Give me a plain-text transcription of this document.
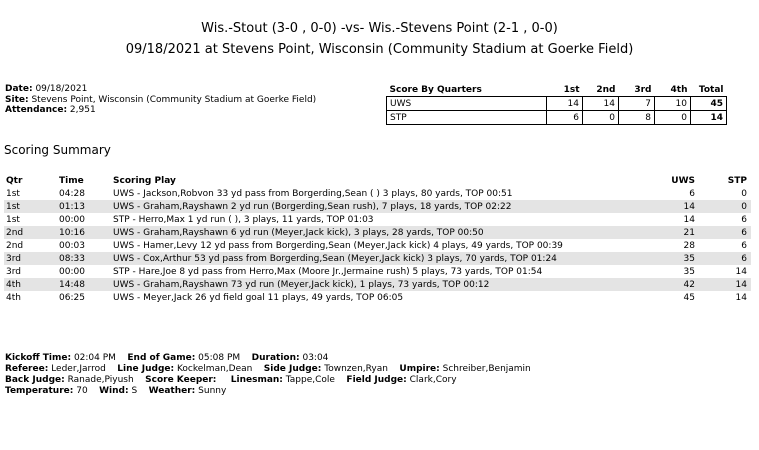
Wis.-Stout (3-0 , 0-0) -vs- Wis.-Stevens Point (2-1 , 0-0)
09/18/2021 at Stevens Point, Wisconsin (Community Stadium at Goerke Field)
Date: 09/18/2021
Site: Stevens Point, Wisconsin (Community Stadium at Goerke Field)
Attendance: 2,951
Score By Quarters	1st	2nd	3rd	4th	Total
UWS	14	14	7	10	45
STP	6	0	8	0	14
Scoring Summary
Qtr	Time	Scoring Play	UWS	STP
1st	04:28	UWS - Jackson,Robvon 33 yd pass from Borgerding,Sean ( ) 3 plays, 80 yards, TOP 00:51	6	0
1st	01:13	UWS - Graham,Rayshawn 2 yd run (Borgerding,Sean rush), 7 plays, 18 yards, TOP 02:22	14	0
1st	00:00	STP - Herro,Max 1 yd run ( ), 3 plays, 11 yards, TOP 01:03	14	6
2nd	10:16	UWS - Graham,Rayshawn 6 yd run (Meyer,Jack kick), 3 plays, 28 yards, TOP 00:50	21	6
2nd	00:03	UWS - Hamer,Levy 12 yd pass from Borgerding,Sean (Meyer,Jack kick) 4 plays, 49 yards, TOP 00:39	28	6
3rd	08:33	UWS - Cox,Arthur 53 yd pass from Borgerding,Sean (Meyer,Jack kick) 3 plays, 70 yards, TOP 01:24	35	6
3rd	00:00	STP - Hare,Joe 8 yd pass from Herro,Max (Moore Jr.,Jermaine rush) 5 plays, 73 yards, TOP 01:54	35	14
4th	14:48	UWS - Graham,Rayshawn 73 yd run (Meyer,Jack kick), 1 plays, 73 yards, TOP 00:12	42	14
4th	06:25	UWS - Meyer,Jack 26 yd field goal 11 plays, 49 yards, TOP 06:05	45	14
Kickoff Time: 02:04 PM End of Game: 05:08 PM Duration: 03:04
Referee: Leder,Jarrod Line Judge: Kockelman,Dean Side Judge: Townzen,Ryan Umpire: Schreiber,Benjamin
Back Judge: Ranade,Piyush Score Keeper: Linesman: Tappe,Cole Field Judge: Clark,Cory
Temperature: 70 Wind: S Weather: Sunny
